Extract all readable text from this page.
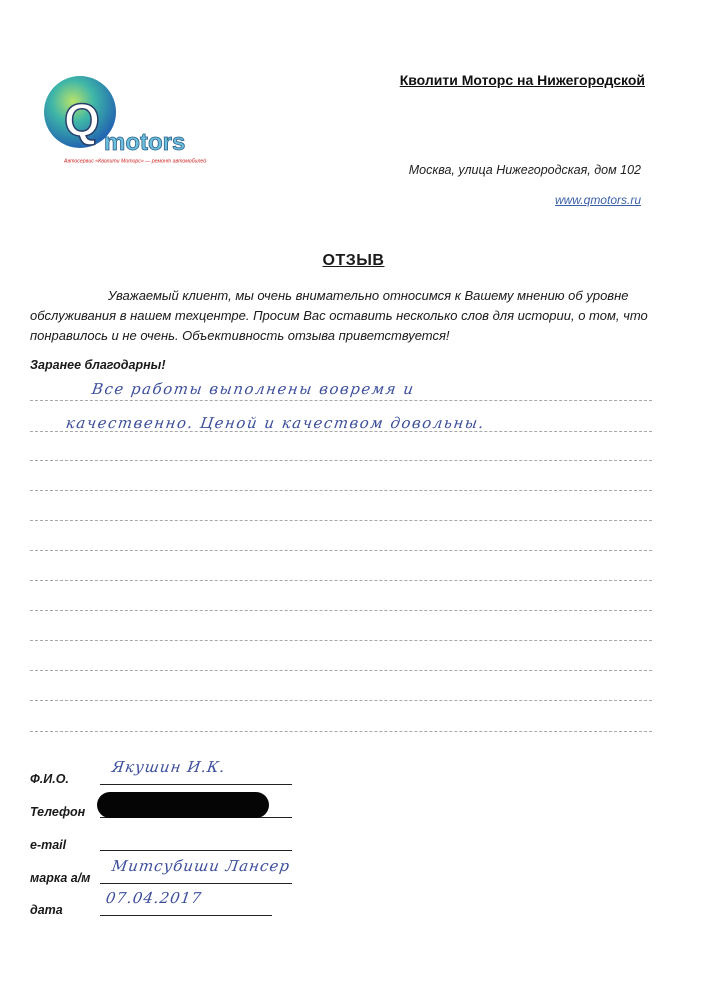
Q motors
Автосервис «Кволити Моторс» — ремонт автомобилей
Кволити Моторс на Нижегородской
Москва, улица Нижегородская, дом 102
www.qmotors.ru
ОТЗЫВ
Уважаемый клиент, мы очень внимательно относимся к Вашему мнению об уровне обслуживания в нашем техцентре. Просим Вас оставить несколько слов для истории, о том, что понравилось и не очень. Объективность отзыва приветствуется!
Заранее благодарны!
Все работы выполнены вовремя и
качественно. Ценой и качеством довольны.
Ф.И.О.
Якушин И.К.
Телефон
e-mail
марка а/м
Митсубиши Лансер
дата
07.04.2017
